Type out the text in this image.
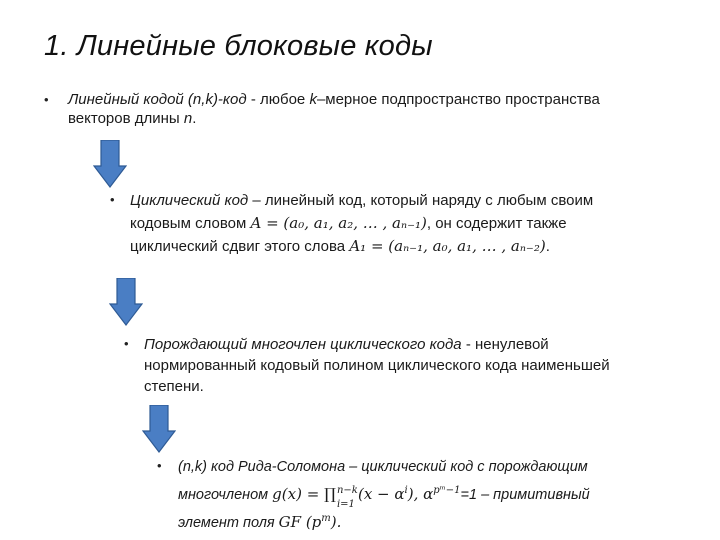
1. Линейные блоковые коды
• Линейный кодой (n,k)-код - любое k–мерное подпространство пространства

векторов длины n.

• Циклический код – линейный код, который наряду с любым своим

кодовым словом A = (a₀, a₁, a₂, … , aₙ₋₁), он содержит также

циклический сдвиг этого слова A₁ = (aₙ₋₁, a₀, a₁, … , aₙ₋₂).

• Порождающий многочлен циклического кода - ненулевой

нормированный кодовый полином циклического кода наименьшей

степени.

• (n,k) код Рида-Соломона – циклический код с порождающим

многочленом g(x) = ∏ n−k
i=1
$(x - \alpha^i)$, $\alpha^{pᵐ-1}=1$ – примитивный

элемент поля GF $(p^m)$.
